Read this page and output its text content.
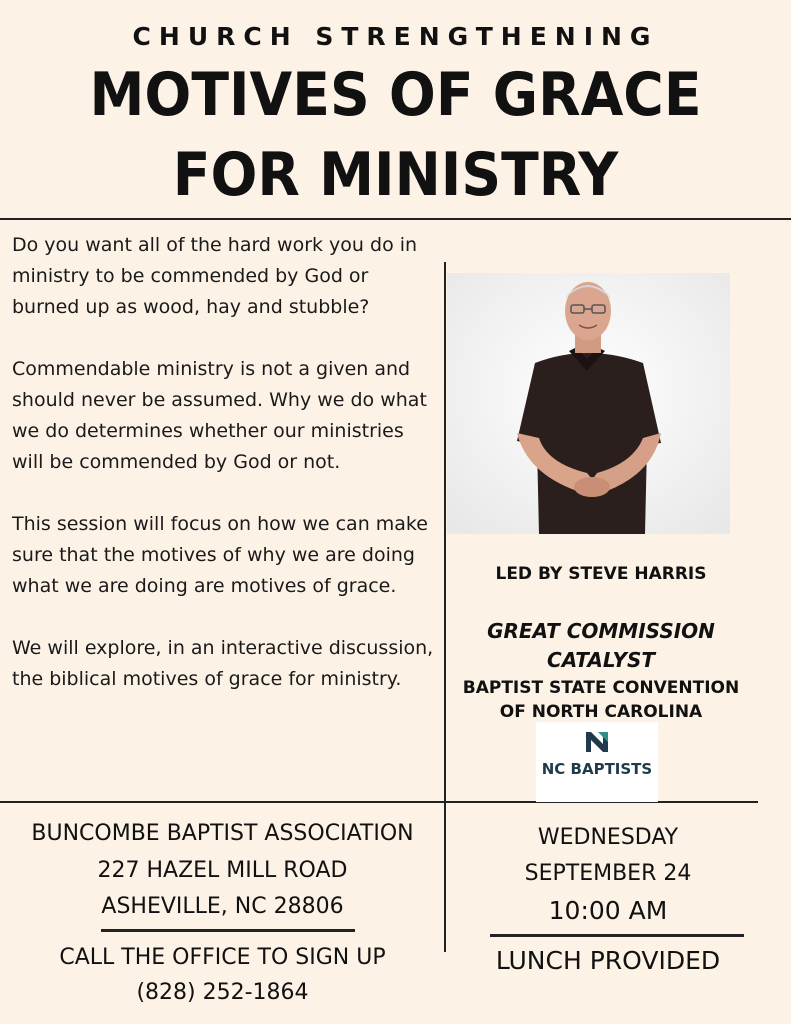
CHURCH STRENGTHENING
MOTIVES OF GRACE
FOR MINISTRY

Do you want all of the hard work you do in ministry to be commended by God or burned up as wood, hay and stubble?

Commendable ministry is not a given and should never be assumed. Why we do what we do determines whether our ministries will be commended by God or not.

This session will focus on how we can make sure that the motives of why we are doing what we are doing are motives of grace.

We will explore, in an interactive discussion, the biblical motives of grace for ministry.

LED BY STEVE HARRIS
GREAT COMMISSION
CATALYST
BAPTIST STATE CONVENTION
OF NORTH CAROLINA
NC BAPTISTS
BUNCOMBE BAPTIST ASSOCIATION
227 HAZEL MILL ROAD
ASHEVILLE, NC 28806
CALL THE OFFICE TO SIGN UP
(828) 252-1864
WEDNESDAY
SEPTEMBER 24
10:00 AM
LUNCH PROVIDED
